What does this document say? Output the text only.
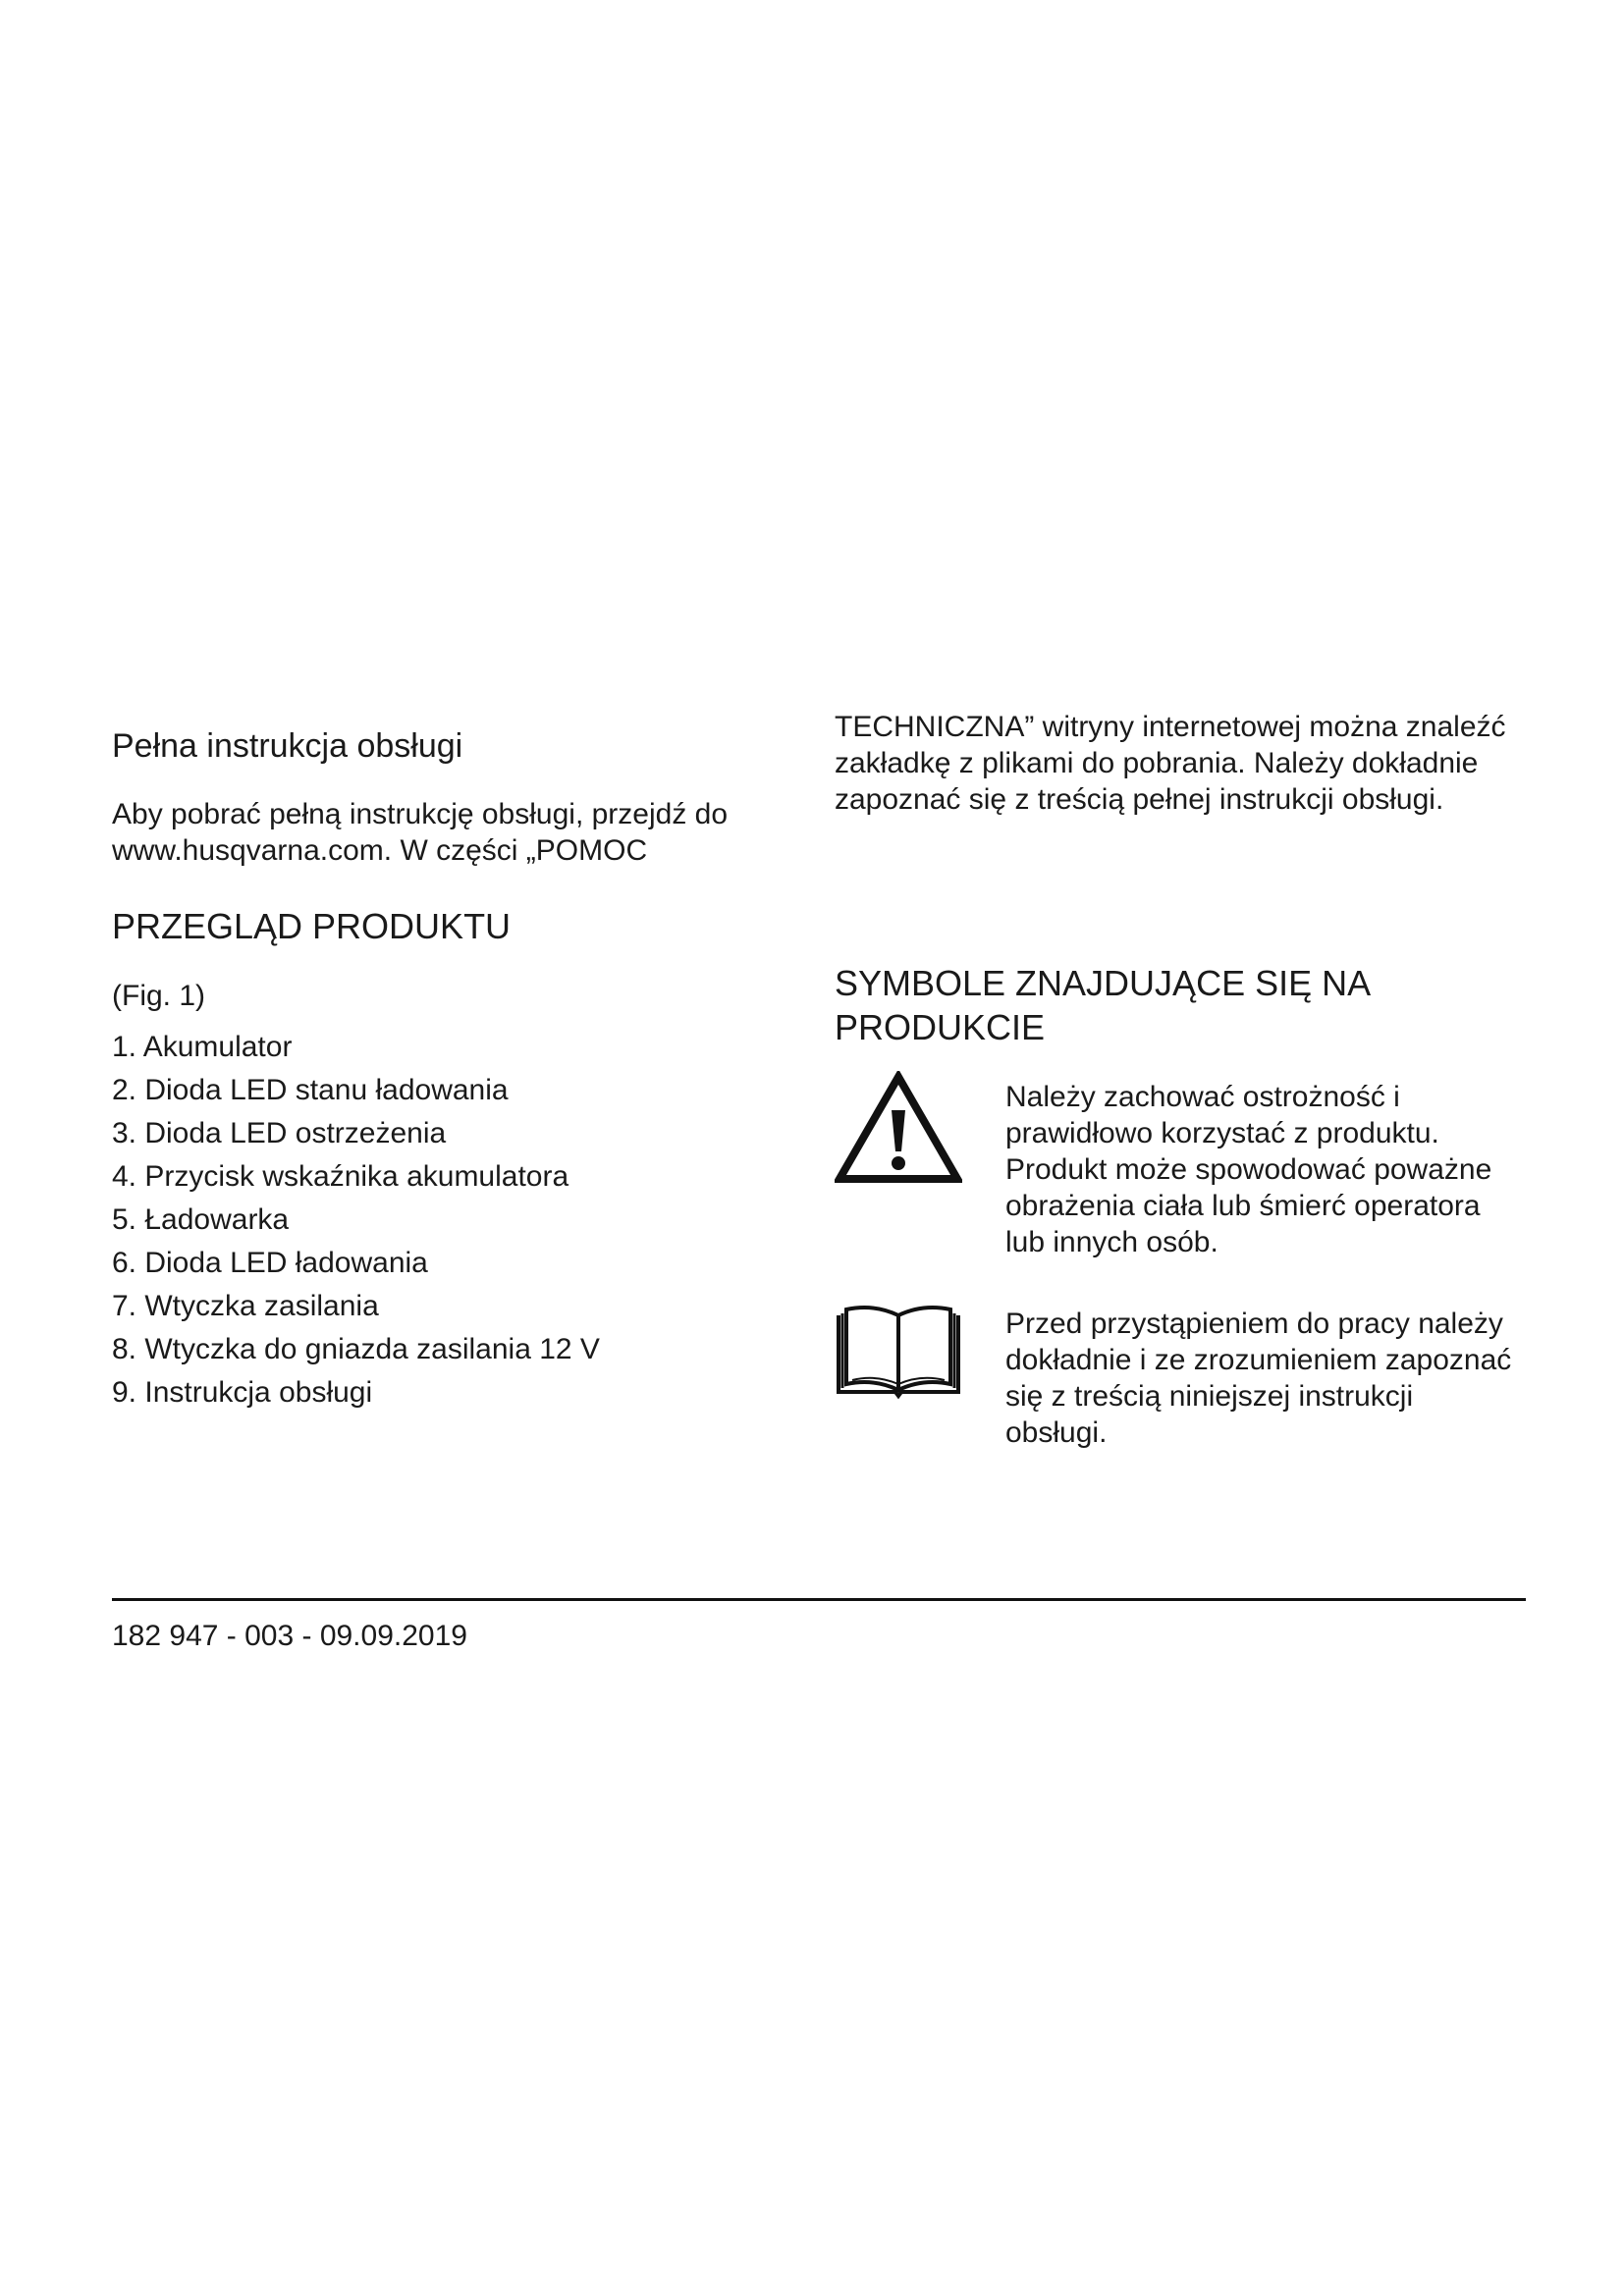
Pełna instrukcja obsługi

Aby pobrać pełną instrukcję obsługi, przejdź do www.husqvarna.com. W części „POMOC

PRZEGLĄD PRODUKTU

(Fig. 1)

1. Akumulator
2. Dioda LED stanu ładowania
3. Dioda LED ostrzeżenia
4. Przycisk wskaźnika akumulatora
5. Ładowarka
6. Dioda LED ładowania
7. Wtyczka zasilania
8. Wtyczka do gniazda zasilania 12 V
9. Instrukcja obsługi

TECHNICZNA” witryny internetowej można znaleźć zakładkę z plikami do pobrania. Należy dokładnie zapoznać się z treścią pełnej instrukcji obsługi.

SYMBOLE ZNAJDUJĄCE SIĘ NA PRODUKCIE

Należy zachować ostrożność i prawidłowo korzystać z produktu. Produkt może spowodować poważne obrażenia ciała lub śmierć operatora lub innych osób.

Przed przystąpieniem do pracy należy dokładnie i ze zrozumieniem zapoznać się z treścią niniejszej instrukcji obsługi.

182 947 - 003 - 09.09.2019
